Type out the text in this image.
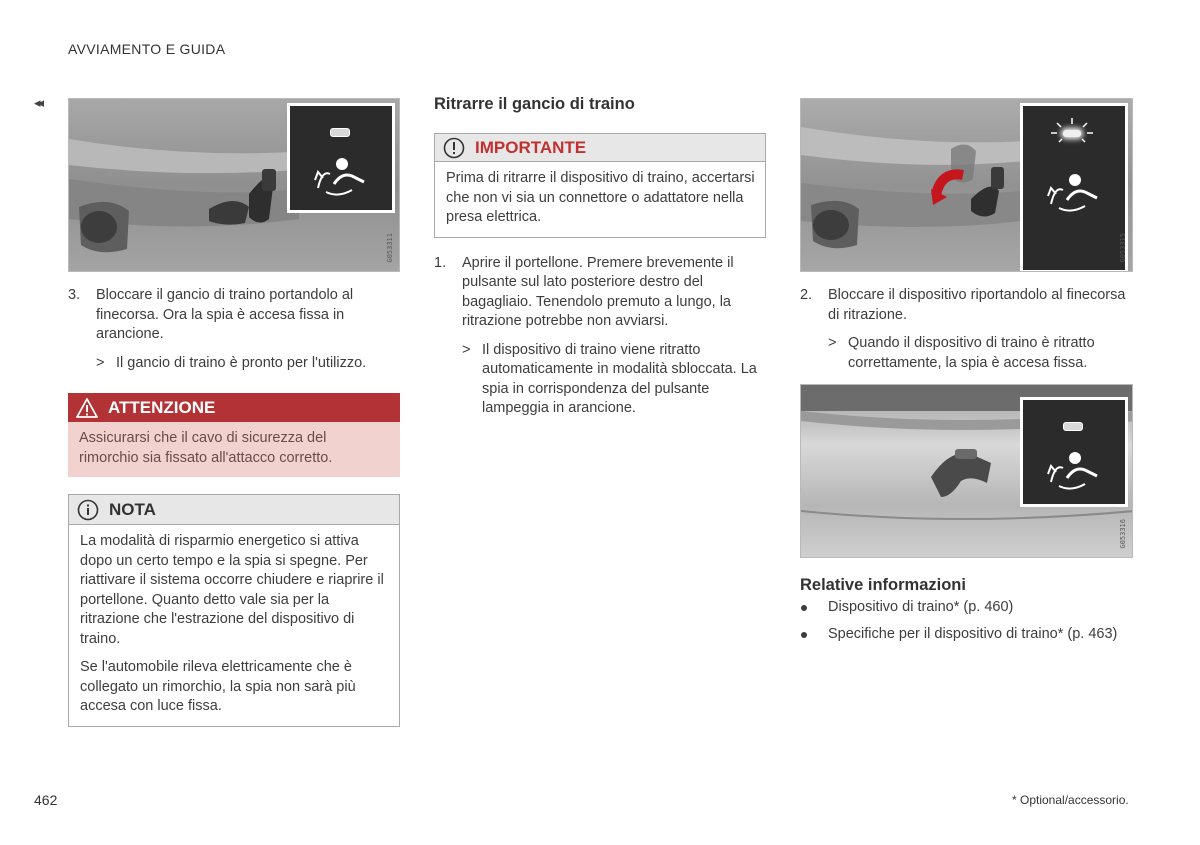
AVVIAMENTO E GUIDA
◂◂
G053311
3. Bloccare il gancio di traino portandolo al finecorsa. Ora la spia è accesa fissa in arancione.
> Il gancio di traino è pronto per l'utilizzo.
ATTENZIONE
Assicurarsi che il cavo di sicurezza del rimorchio sia fissato all'attacco corretto.
NOTA
La modalità di risparmio energetico si attiva dopo un certo tempo e la spia si spegne. Per riattivare il sistema occorre chiudere e riaprire il portellone. Quanto detto vale sia per la ritrazione che l'estrazione del dispositivo di traino.
Se l'automobile rileva elettricamente che è collegato un rimorchio, la spia non sarà più accesa con luce fissa.
Ritrarre il gancio di traino
IMPORTANTE
Prima di ritrarre il dispositivo di traino, accertarsi che non vi sia un connettore o adattatore nella presa elettrica.
1. Aprire il portellone. Premere brevemente il pulsante sul lato posteriore destro del bagagliaio. Tenendolo premuto a lungo, la ritrazione potrebbe non avviarsi.
> Il dispositivo di traino viene ritratto automaticamente in modalità sbloccata. La spia in corrispondenza del pulsante lampeggia in arancione.
G053315
2. Bloccare il dispositivo riportandolo al finecorsa di ritrazione.
> Quando il dispositivo di traino è ritratto correttamente, la spia è accesa fissa.
G053316
Relative informazioni
Dispositivo di traino* (p. 460)
Specifiche per il dispositivo di traino* (p. 463)
462	* Optional/accessorio.
